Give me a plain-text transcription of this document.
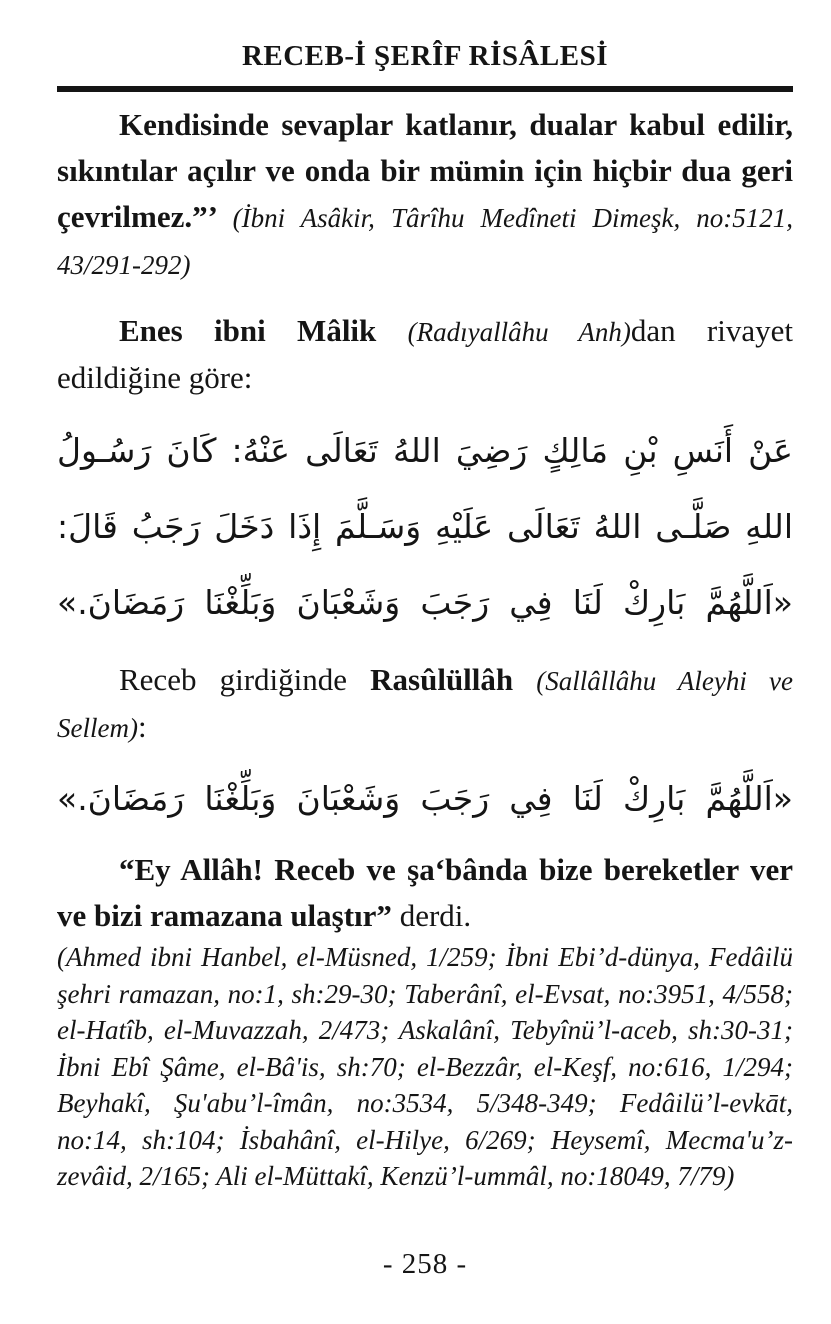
RECEB-İ ŞERÎF RİSÂLESİ

Kendisinde sevaplar katlanır, dualar kabul edilir, sıkıntılar açılır ve onda bir mümin için hiçbir dua geri çevrilmez.”’ (İbni Asâkir, Târîhu Medîneti Dimeşk, no:5121, 43/291-292)

Enes ibni Mâlik (Radıyallâhu Anh)dan rivayet edildiğine göre:

عَنْ أَنَسِ بْنِ مَالِكٍ رَضِيَ اللهُ تَعَالَى عَنْهُ: كَانَ رَسُـولُ
اللهِ صَلَّـى اللهُ تَعَالَى عَلَيْهِ وَسَـلَّمَ إِذَا دَخَلَ رَجَبُ قَالَ:
«اَللَّهُمَّ بَارِكْ لَنَا فِي رَجَبَ وَشَعْبَانَ وَبَلِّغْنَا رَمَضَانَ.»

Receb girdiğinde Rasûlüllâh (Sallâllâhu Aleyhi ve Sellem):

«اَللَّهُمَّ بَارِكْ لَنَا فِي رَجَبَ وَشَعْبَانَ وَبَلِّغْنَا رَمَضَانَ.»

“Ey Allâh! Receb ve şaʻbânda bize bereketler ver ve bizi ramazana ulaştır” derdi.

(Ahmed ibni Hanbel, el-Müsned, 1/259; İbni Ebi’d-dünya, Fedâilü şehri ramazan, no:1, sh:29-30; Taberânî, el-Evsat, no:3951, 4/558; el-Hatîb, el-Muvazzah, 2/473; Askalânî, Tebyînü’l-aceb, sh:30-31; İbni Ebî Şâme, el-Bâ'is, sh:70; el-Bezzâr, el-Keşf, no:616, 1/294; Beyhakî, Şu'abu’l-îmân, no:3534, 5/348-349; Fedâilü’l-evkāt, no:14, sh:104; İsbahânî, el-Hilye, 6/269; Heysemî, Mecma'u’z-zevâid, 2/165; Ali el-Müttakî, Kenzü’l-ummâl, no:18049, 7/79)

- 258 -
